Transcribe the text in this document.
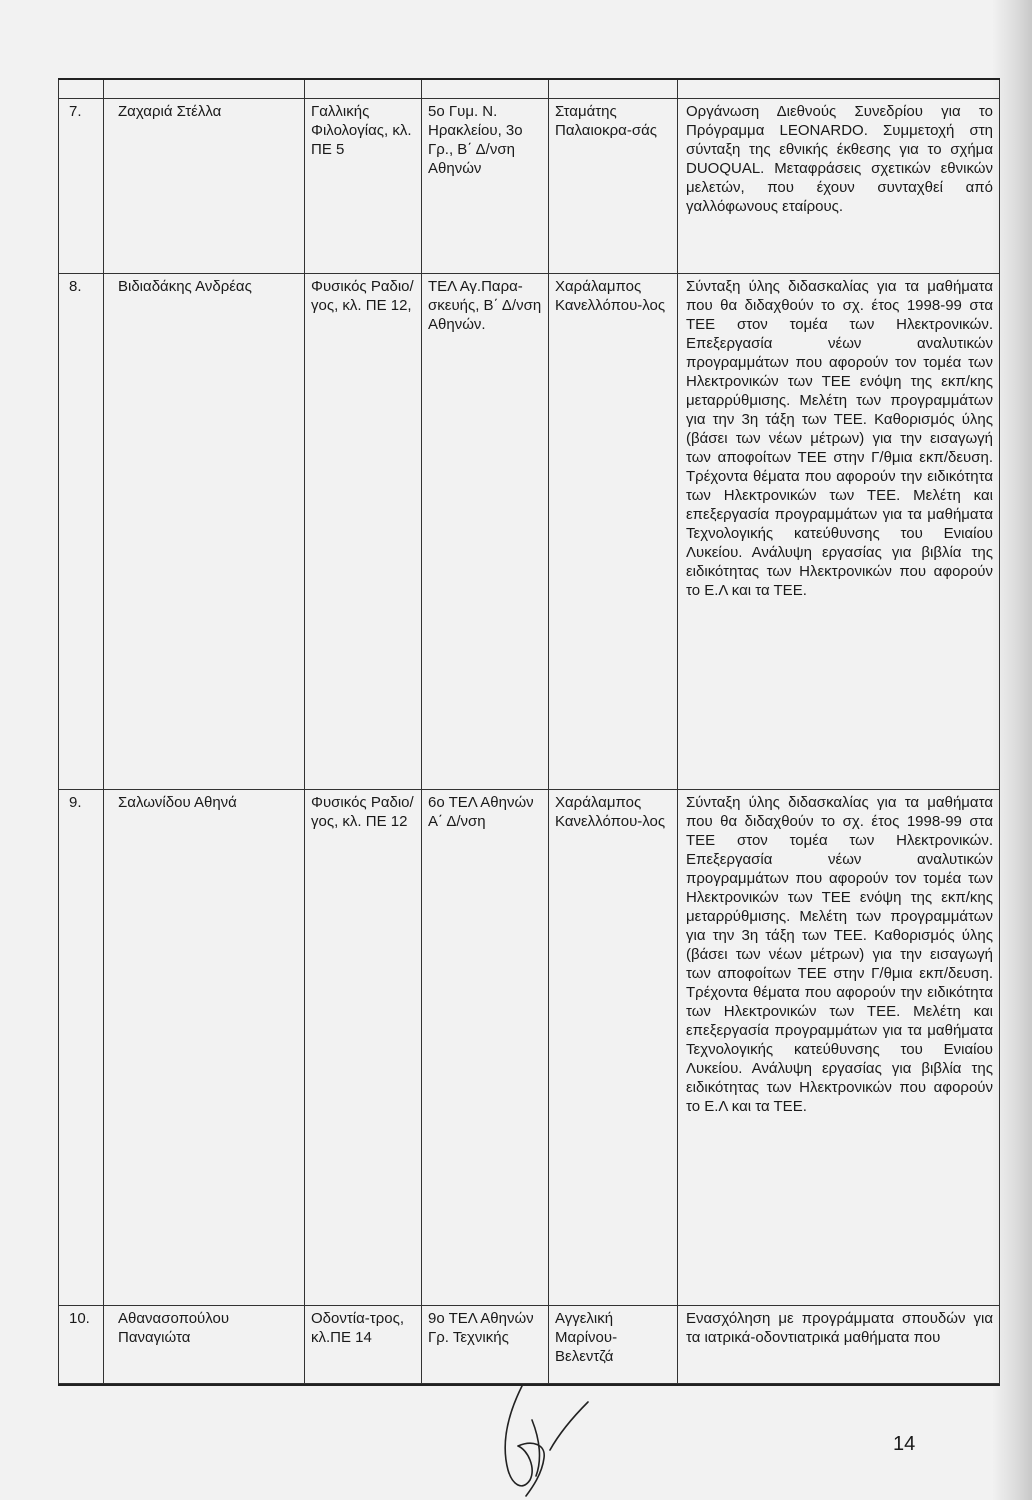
7.	Ζαχαριά Στέλλα	Γαλλικής Φιλολογίας, κλ. ΠΕ 5	5ο Γυμ. Ν. Ηρακλείου, 3ο Γρ., Β΄ Δ/νση Αθηνών	Σταμάτης Παλαιοκρα-σάς	Οργάνωση Διεθνούς Συνεδρίου για το Πρόγραμμα LEONARDO. Συμμετοχή στη σύνταξη της εθνικής έκθεσης για το σχήμα DUOQUAL. Μεταφράσεις σχετικών εθνικών μελετών, που έχουν συνταχθεί από γαλλόφωνους εταίρους.
8.	Βιδιαδάκης Ανδρέας	Φυσικός Ραδιο/γος, κλ. ΠΕ 12,	ΤΕΛ Αγ.Παρα-σκευής, Β΄ Δ/νση Αθηνών.	Χαράλαμπος Κανελλόπου-λος	Σύνταξη ύλης διδασκαλίας για τα μαθήματα που θα διδαχθούν το σχ. έτος 1998-99 στα ΤΕΕ στον τομέα των Ηλεκτρονικών. Επεξεργασία νέων αναλυτικών προγραμμάτων που αφορούν τον τομέα των Ηλεκτρονικών των ΤΕΕ ενόψη της εκπ/κης μεταρρύθμισης. Μελέτη των προγραμμάτων για την 3η τάξη των ΤΕΕ. Καθορισμός ύλης (βάσει των νέων μέτρων) για την εισαγωγή των αποφοίτων ΤΕΕ στην Γ/θμια εκπ/δευση. Τρέχοντα θέματα που αφορούν την ειδικότητα των Ηλεκτρονικών των ΤΕΕ. Μελέτη και επεξεργασία προγραμμάτων για τα μαθήματα Τεχνολογικής κατεύθυνσης του Ενιαίου Λυκείου. Ανάλυψη εργασίας για βιβλία της ειδικότητας των Ηλεκτρονικών που αφορούν το Ε.Λ και τα ΤΕΕ.
9.	Σαλωνίδου Αθηνά	Φυσικός Ραδιο/γος, κλ. ΠΕ 12	6ο ΤΕΛ Αθηνών Α΄ Δ/νση	Χαράλαμπος Κανελλόπου-λος	Σύνταξη ύλης διδασκαλίας για τα μαθήματα που θα διδαχθούν το σχ. έτος 1998-99 στα ΤΕΕ στον τομέα των Ηλεκτρονικών. Επεξεργασία νέων αναλυτικών προγραμμάτων που αφορούν τον τομέα των Ηλεκτρονικών των ΤΕΕ ενόψη της εκπ/κης μεταρρύθμισης. Μελέτη των προγραμμάτων για την 3η τάξη των ΤΕΕ. Καθορισμός ύλης (βάσει των νέων μέτρων) για την εισαγωγή των αποφοίτων ΤΕΕ στην Γ/θμια εκπ/δευση. Τρέχοντα θέματα που αφορούν την ειδικότητα των Ηλεκτρονικών των ΤΕΕ. Μελέτη και επεξεργασία προγραμμάτων για τα μαθήματα Τεχνολογικής κατεύθυνσης του Ενιαίου Λυκείου. Ανάλυψη εργασίας για βιβλία της ειδικότητας των Ηλεκτρονικών που αφορούν το Ε.Λ και τα ΤΕΕ.
10.	Αθανασοπούλου Παναγιώτα	Οδοντία-τρος, κλ.ΠΕ 14	9ο ΤΕΛ Αθηνών Γρ. Τεχνικής	Αγγελική Μαρίνου-Βελεντζά	Ενασχόληση με προγράμματα σπουδών για τα ιατρικά-οδοντιατρικά μαθήματα που
14
